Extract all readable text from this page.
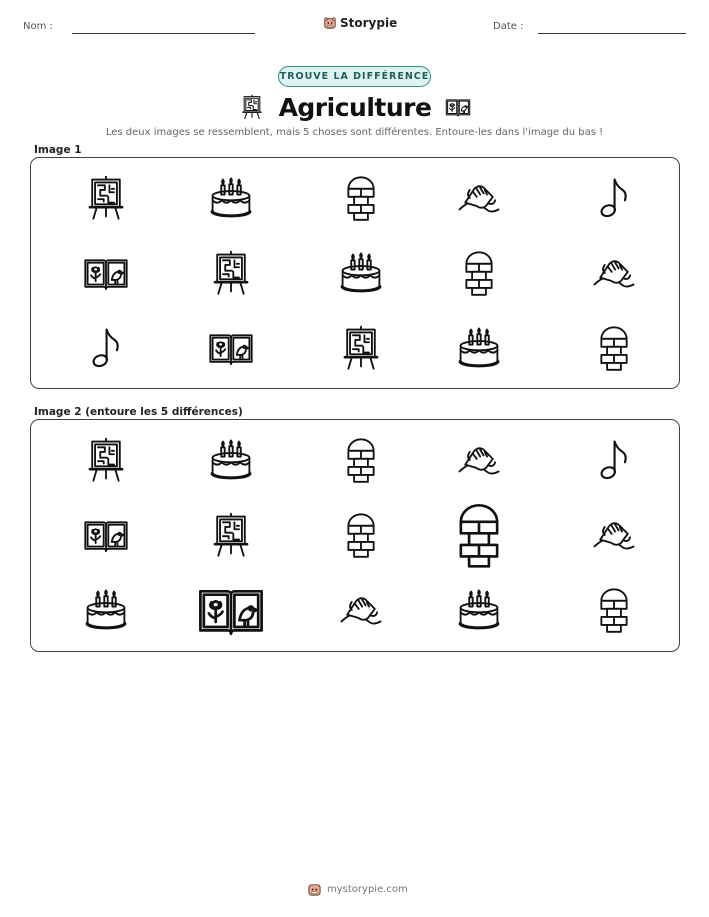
Nom :	Storypie	Date :
TROUVE LA DIFFÉRENCE
Agriculture
Les deux images se ressemblent, mais 5 choses sont différentes. Entoure-les dans l'image du bas !
Image 1
Image 2 (entoure les 5 différences)
mystorypie.com
